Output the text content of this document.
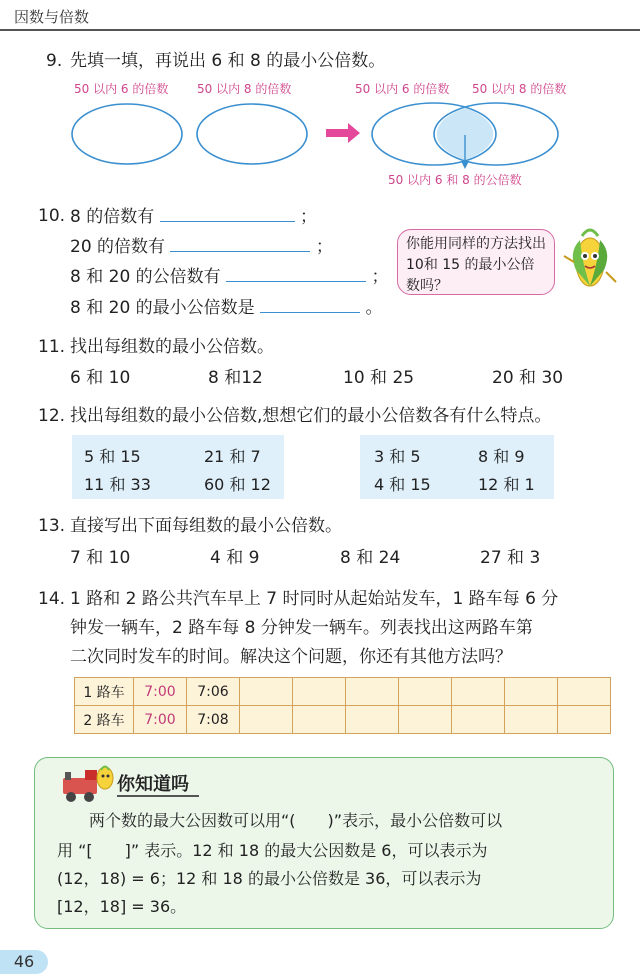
因数与倍数
9. 先填一填，再说出 6 和 8 的最小公倍数。
50 以内 6 的倍数 50 以内 8 的倍数	50 以内 6 的倍数 50 以内 8 的倍数
50 以内 6 和 8 的公倍数
10. 8 的倍数有	；
20 的倍数有	；
8 和 20 的公倍数有	；
8 和 20 的最小公倍数是	。
你能用同样的方法找出 10和 15 的最小公倍数吗？
11. 找出每组数的最小公倍数。
6 和 10	8 和12	10 和 25	20 和 30
12. 找出每组数的最小公倍数,想想它们的最小公倍数各有什么特点。
5 和 15	21 和 7
11 和 33	60 和 12
3 和 5	8 和 9
4 和 15	12 和 1
13. 直接写出下面每组数的最小公倍数。
7 和 10	4 和 9	8 和 24	27 和 3
14. 1 路和 2 路公共汽车早上 7 时同时从起始站发车，1 路车每 6 分
钟发一辆车，2 路车每 8 分钟发一辆车。列表找出这两路车第
二次同时发车的时间。解决这个问题，你还有其他方法吗？
1 路车	7:00	7:06							
2 路车	7:00	7:08							
你知道吗
两个数的最大公因数可以用“(　　)”表示，最小公倍数可以
用 “[　　]” 表示。12 和 18 的最大公因数是 6，可以表示为
(12，18) = 6；12 和 18 的最小公倍数是 36，可以表示为
[12，18] = 36。
46
